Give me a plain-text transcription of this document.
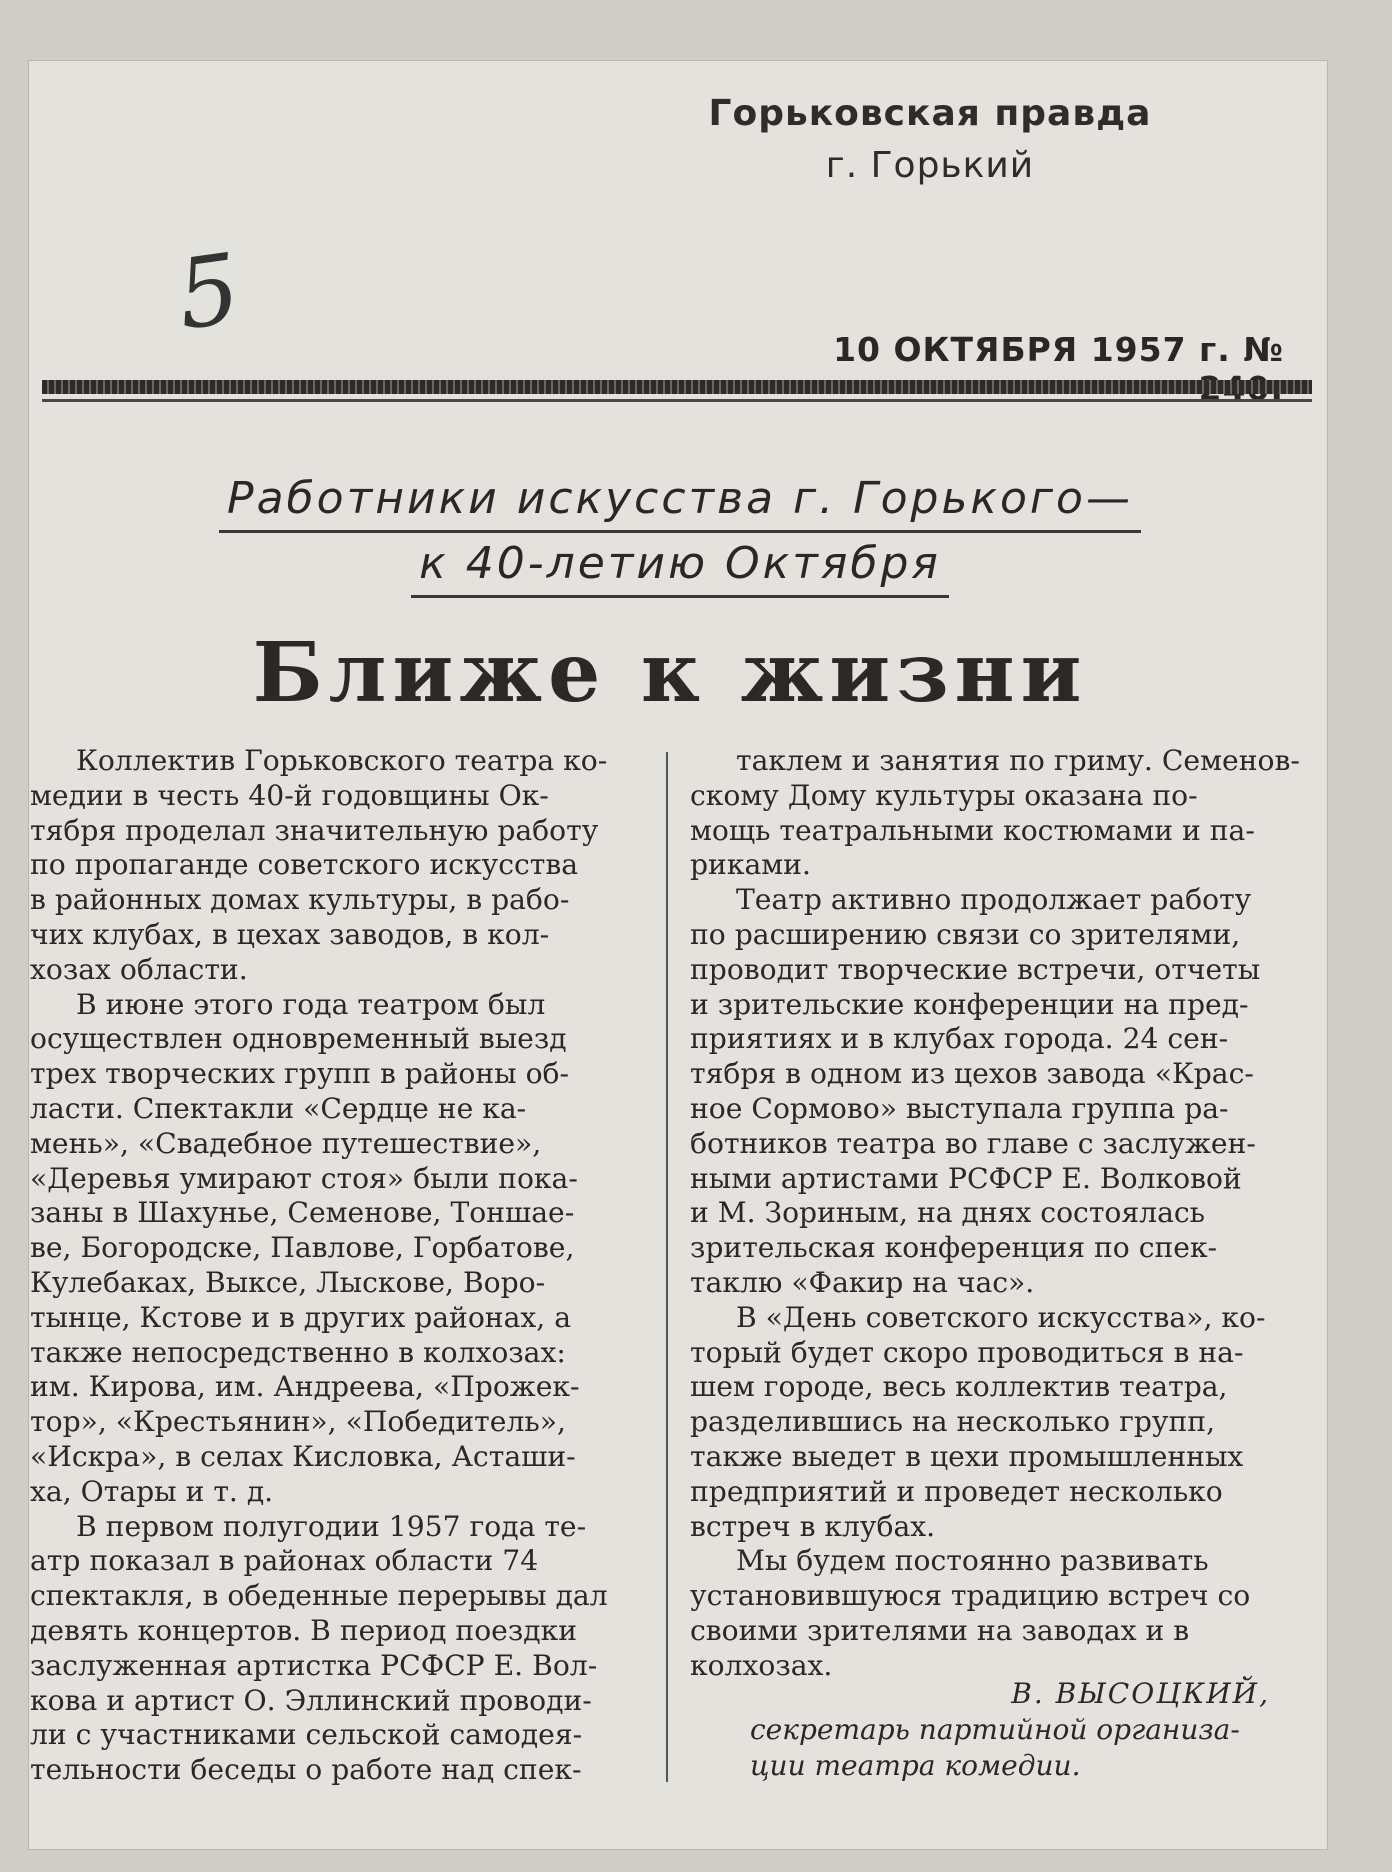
Горьковская правда
г. Горький
5	10 ОКТЯБРЯ 1957 г. №
Работники искусства г. Горького—
к 40-летию Октября
Ближе к жизни

Коллектив Горьковского театра ко-
медии в честь 40-й годовщины Ок-
тября проделал значительную работу
по пропаганде советского искусства
в районных домах культуры, в рабо-
чих клубах, в цехах заводов, в кол-
хозах области.

В июне этого года театром был
осуществлен одновременный выезд
трех творческих групп в районы об-
ласти. Спектакли «Сердце не ка-
мень», «Свадебное путешествие»,
«Деревья умирают стоя» были пока-
заны в Шахунье, Семенове, Тоншае-
ве, Богородске, Павлове, Горбатове,
Кулебаках, Выксе, Лыскове, Воро-
тынце, Кстове и в других районах, а
также непосредственно в колхозах:
им. Кирова, им. Андреева, «Прожек-
тор», «Крестьянин», «Победитель»,
«Искра», в селах Кисловка, Асташи-
ха, Отары и т. д.

В первом полугодии 1957 года те-
атр показал в районах области 74
спектакля, в обеденные перерывы дал
девять концертов. В период поездки
заслуженная артистка РСФСР Е. Вол-
кова и артист О. Эллинский проводи-
ли с участниками сельской самодея-
тельности беседы о работе над спек-

таклем и занятия по гриму. Семенов-
скому Дому культуры оказана по-
мощь театральными костюмами и па-
риками.

Театр активно продолжает работу
по расширению связи со зрителями,
проводит творческие встречи, отчеты
и зрительские конференции на пред-
приятиях и в клубах города. 24 сен-
тября в одном из цехов завода «Крас-
ное Сормово» выступала группа ра-
ботников театра во главе с заслужен-
ными артистами РСФСР Е. Волковой
и М. Зориным, на днях состоялась
зрительская конференция по спек-
таклю «Факир на час».

В «День советского искусства», ко-
торый будет скоро проводиться в на-
шем городе, весь коллектив театра,
разделившись на несколько групп,
также выедет в цехи промышленных
предприятий и проведет несколько
встреч в клубах.

Мы будем постоянно развивать
установившуюся традицию встреч со
своими зрителями на заводах и в
колхозах.

В. ВЫСОЦКИЙ,
секретарь партийной организа-
ции театра комедии.
